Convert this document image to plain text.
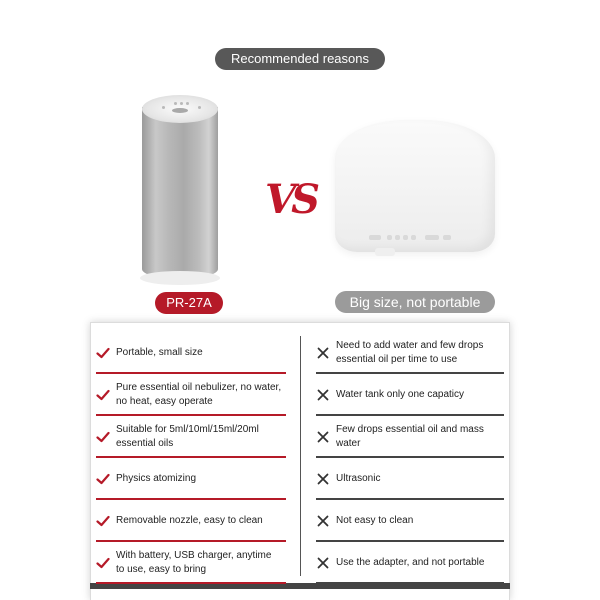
Recommended reasons
VS
PR-27A	Big size, not portable
Portable, small size
Pure essential oil nebulizer, no water,
no heat, easy operate
Suitable for 5ml/10ml/15ml/20ml
essential oils
Physics atomizing
Removable nozzle, easy to clean
With battery, USB charger, anytime
to use, easy to bring
Need to add water and few drops
essential oil per time to use
Water tank only one capaticy
Few drops essential oil and mass
water
Ultrasonic
Not easy to clean
Use the adapter, and not portable
